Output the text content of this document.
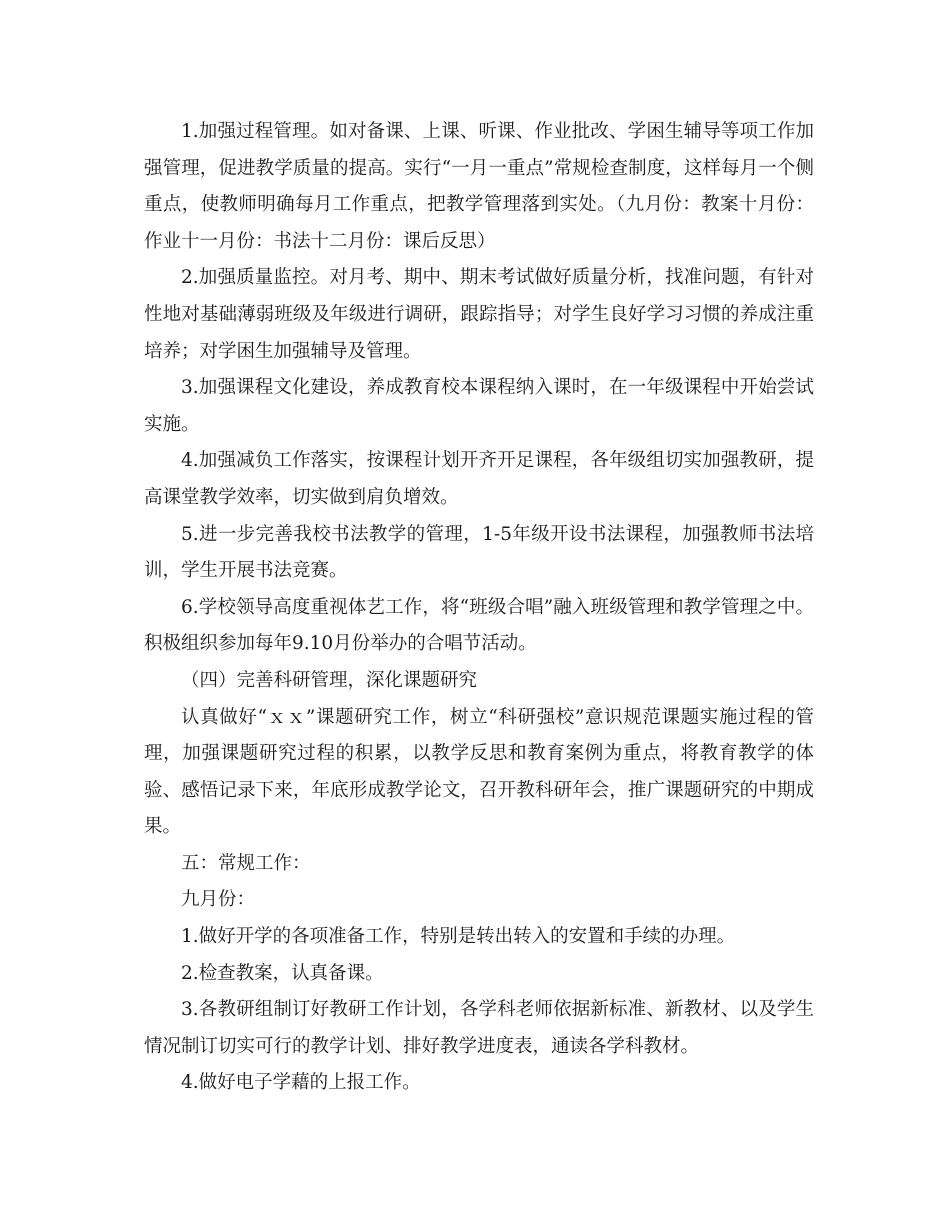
1.加强过程管理。如对备课、上课、听课、作业批改、学困生辅导等项工作加强管理，促进教学质量的提高。实行“一月一重点”常规检查制度，这样每月一个侧重点，使教师明确每月工作重点，把教学管理落到实处。（九月份：教案十月份：作业十一月份：书法十二月份：课后反思）

2.加强质量监控。对月考、期中、期末考试做好质量分析，找准问题，有针对性地对基础薄弱班级及年级进行调研，跟踪指导；对学生良好学习习惯的养成注重培养；对学困生加强辅导及管理。

3.加强课程文化建设，养成教育校本课程纳入课时，在一年级课程中开始尝试实施。

4.加强减负工作落实，按课程计划开齐开足课程，各年级组切实加强教研，提高课堂教学效率，切实做到肩负增效。

5.进一步完善我校书法教学的管理，1-5年级开设书法课程，加强教师书法培训，学生开展书法竞赛。

6.学校领导高度重视体艺工作，将“班级合唱”融入班级管理和教学管理之中。积极组织参加每年9.10月份举办的合唱节活动。

（四）完善科研管理，深化课题研究

认真做好“ｘｘ”课题研究工作，树立“科研强校”意识规范课题实施过程的管理，加强课题研究过程的积累，以教学反思和教育案例为重点，将教育教学的体验、感悟记录下来，年底形成教学论文，召开教科研年会，推广课题研究的中期成果。

五：常规工作：

九月份：

1.做好开学的各项准备工作，特别是转出转入的安置和手续的办理。

2.检查教案，认真备课。

3.各教研组制订好教研工作计划，各学科老师依据新标准、新教材、以及学生情况制订切实可行的教学计划、排好教学进度表，通读各学科教材。

4.做好电子学藉的上报工作。
